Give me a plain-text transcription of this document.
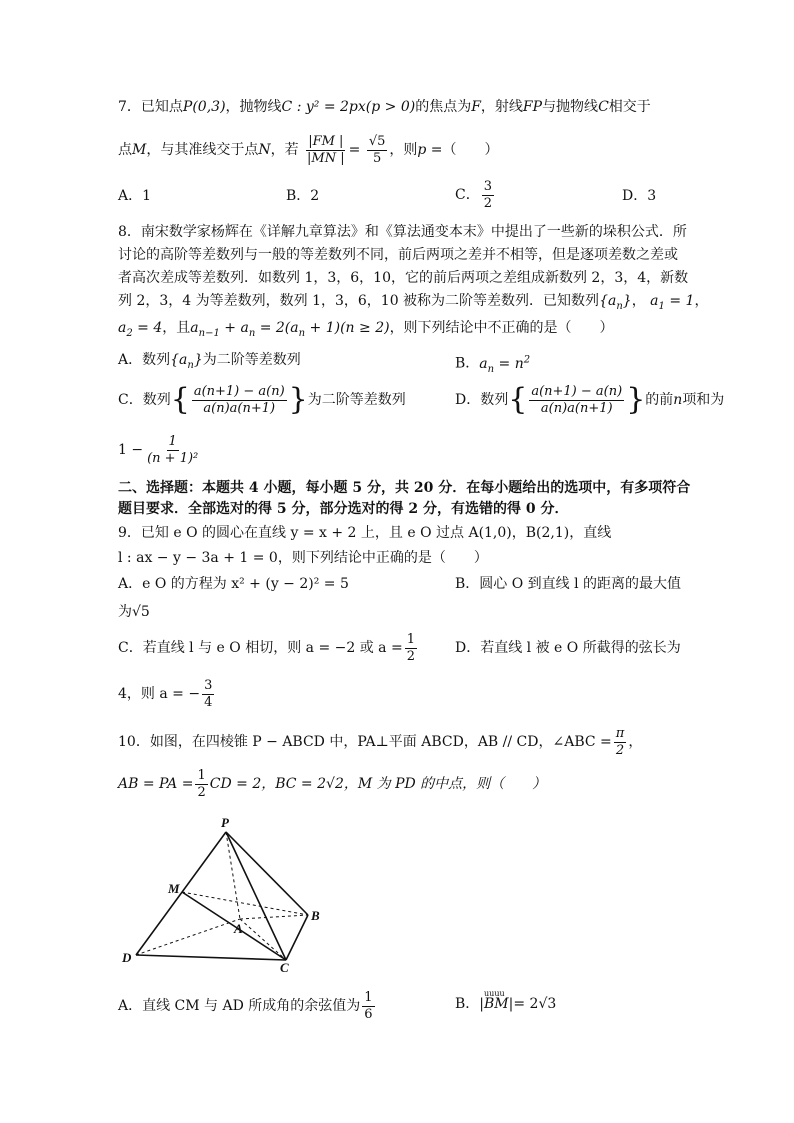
7．已知点P(0,3)，抛物线C : y² = 2px(p > 0)的焦点为F，射线FP与抛物线C相交于
点M，与其准线交于点N，若 $\frac{|FM |}{|MN |} = \frac{√5}{5}$ ，则p =（　　）
A．1	B．2	C． $\frac{3}{2}$	D．3
8．南宋数学家杨辉在《详解九章算法》和《算法通变本末》中提出了一些新的垛积公式．所
讨论的高阶等差数列与一般的等差数列不同，前后两项之差并不相等，但是逐项差数之差或
者高次差成等差数列．如数列 1，3，6，10，它的前后两项之差组成新数列 2，3，4，新数
列 2，3，4 为等差数列，数列 1，3，6，10 被称为二阶等差数列．已知数列$\{a_n\}$， $a_1 = 1$，
$a_2 = 4$，且$a_{n-1} + a_n = 2(a_n + 1)(n \ge 2)$，则下列结论中不正确的是（　　）
A．数列$\{a_n\}$为二阶等差数列	B．$a_n = n^2$
C．数列{ $\frac{a(n+1) - a(n)}{a(n)a(n+1)}$ }为二阶等差数列	D．数列{ $\frac{a(n+1) - a(n)}{a(n)a(n+1)}$ }的前n项和为
$1 - \frac{1}{\text{(n + 1)²}}$
二、选择题：本题共 4 小题，每小题 5 分，共 20 分．在每小题给出的选项中，有多项符合
题目要求．全部选对的得 5 分，部分选对的得 2 分，有选错的得 0 分．
9．已知 e O 的圆心在直线 y = x + 2 上，且 e O 过点 A(1,0)，B(2,1)，直线
l : ax − y − 3a + 1 = 0，则下列结论中正确的是（　　）
A．e O 的方程为 x² + (y − 2)² = 5	B．圆心 O 到直线 l 的距离的最大值
为√5
C．若直线 l 与 e O 相切，则 a = −2 或 $a = \frac{1}{2}$	D．若直线 l 被 e O 所截得的弦长为
4，则 a = − $\frac{3}{4}$
10．如图，在四棱锥 P − ABCD 中，PA⊥平面 ABCD，AB // CD，∠ABC = $\frac{\pi}{2}$ ，
AB = PA = $\frac{1}{2}$ CD = 2，BC = 2√2，M 为 PD 的中点，则（　　）
P
M
A
B
D
C
A．直线 CM 与 AD 所成角的余弦值为 $\frac{1}{6}$	B．|
uuuu
BM|= 2√3
